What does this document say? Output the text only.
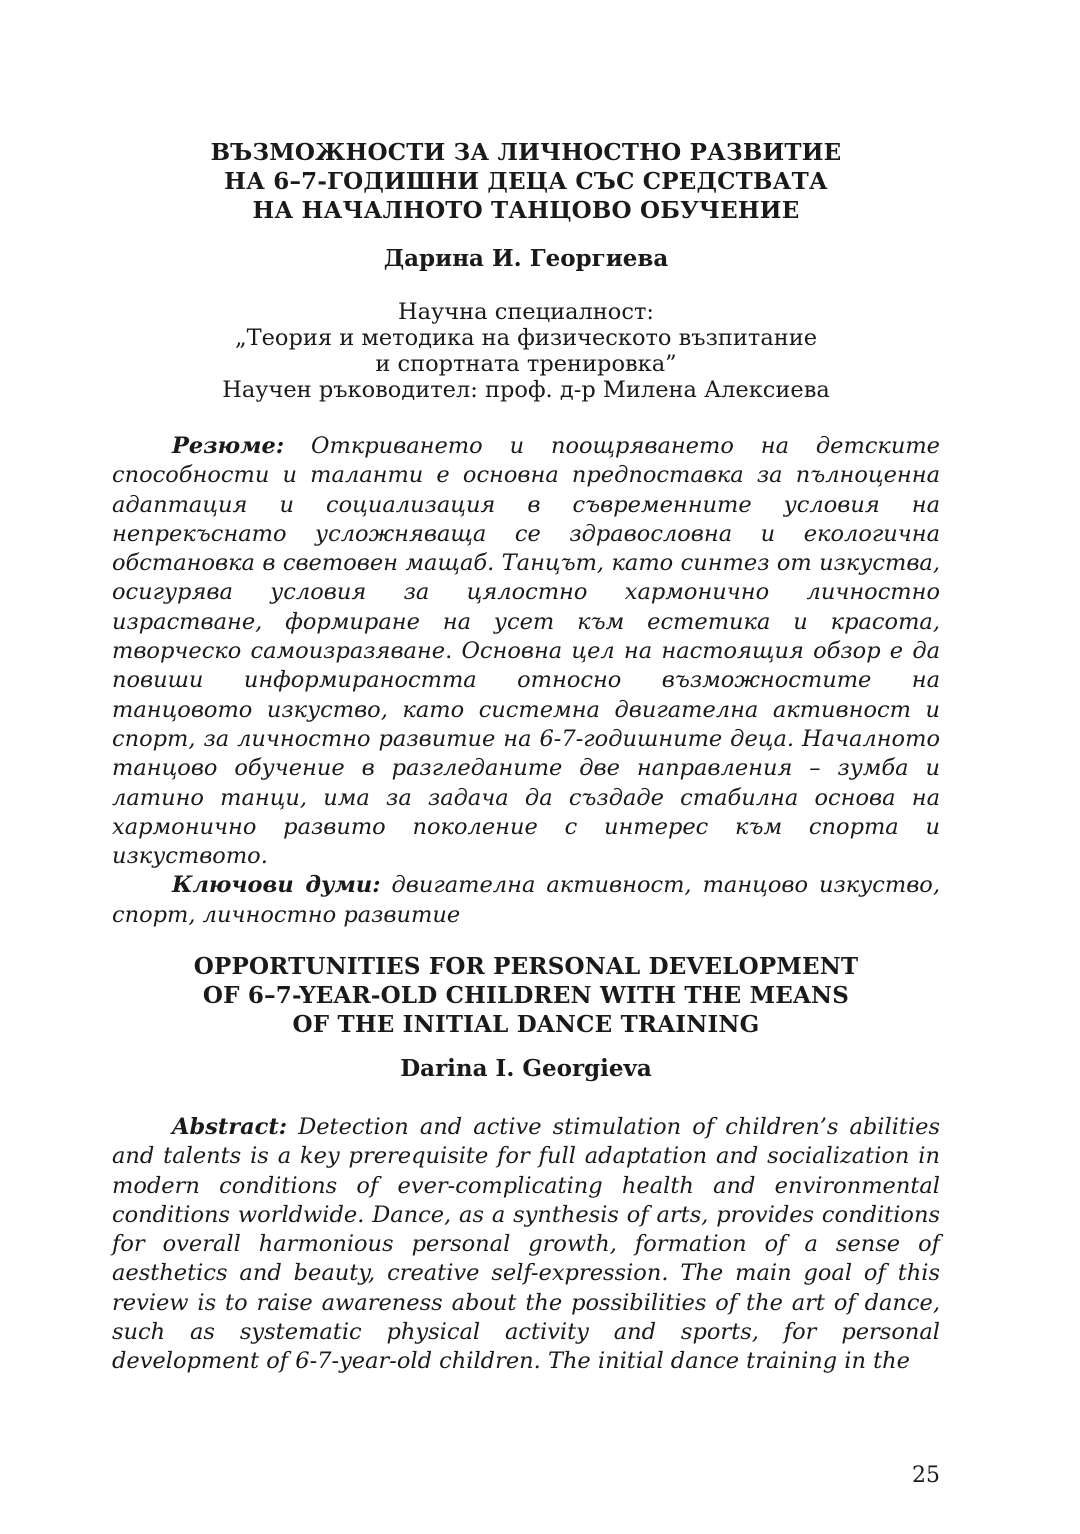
ВЪЗМОЖНОСТИ ЗА ЛИЧНОСТНО РАЗВИТИЕ
НА 6–7-ГОДИШНИ ДЕЦА СЪС СРЕДСТВАТА
НА НАЧАЛНОТО ТАНЦОВО ОБУЧЕНИЕ
Дарина И. Георгиева
Научна специалност:
„Теория и методика на физическото възпитание
и спортната тренировка”
Научен ръководител: проф. д-р Милена Алексиева

Резюме: Откриването и поощряването на детските способности и таланти е основна предпоставка за пълноценна адаптация и социализация в съвременните условия на непрекъснато усложняваща се здравословна и екологична обстановка в световен мащаб. Танцът, като синтез от изкуства, осигурява условия за цялостно хармонично личностно израстване, формиране на усет към естетика и красота, творческо самоизразяване. Основна цел на настоящия обзор е да повиши информираността относно възможностите на танцовото изкуство, като системна двигателна активност и спорт, за личностно развитие на 6-7-годишните деца. Началното танцово обучение в разгледаните две направления – зумба и латино танци, има за задача да създаде стабилна основа на хармонично развито поколение с интерес към спорта и изкуството.

Ключови думи: двигателна активност, танцово изкуство, спорт, личностно развитие

OPPORTUNITIES FOR PERSONAL DEVELOPMENT
OF 6–7-YEAR-OLD CHILDREN WITH THE MEANS
OF THE INITIAL DANCE TRAINING
Darina I. Georgieva

Abstract: Detection and active stimulation of children’s abilities and talents is a key prerequisite for full adaptation and socialization in modern conditions of ever-complicating health and environmental conditions worldwide. Dance, as a synthesis of arts, provides conditions for overall harmonious personal growth, formation of a sense of aesthetics and beauty, creative self-expression. The main goal of this review is to raise awareness about the possibilities of the art of dance, such as systematic physical activity and sports, for personal development of 6-7-year-old children. The initial dance training in the

25
